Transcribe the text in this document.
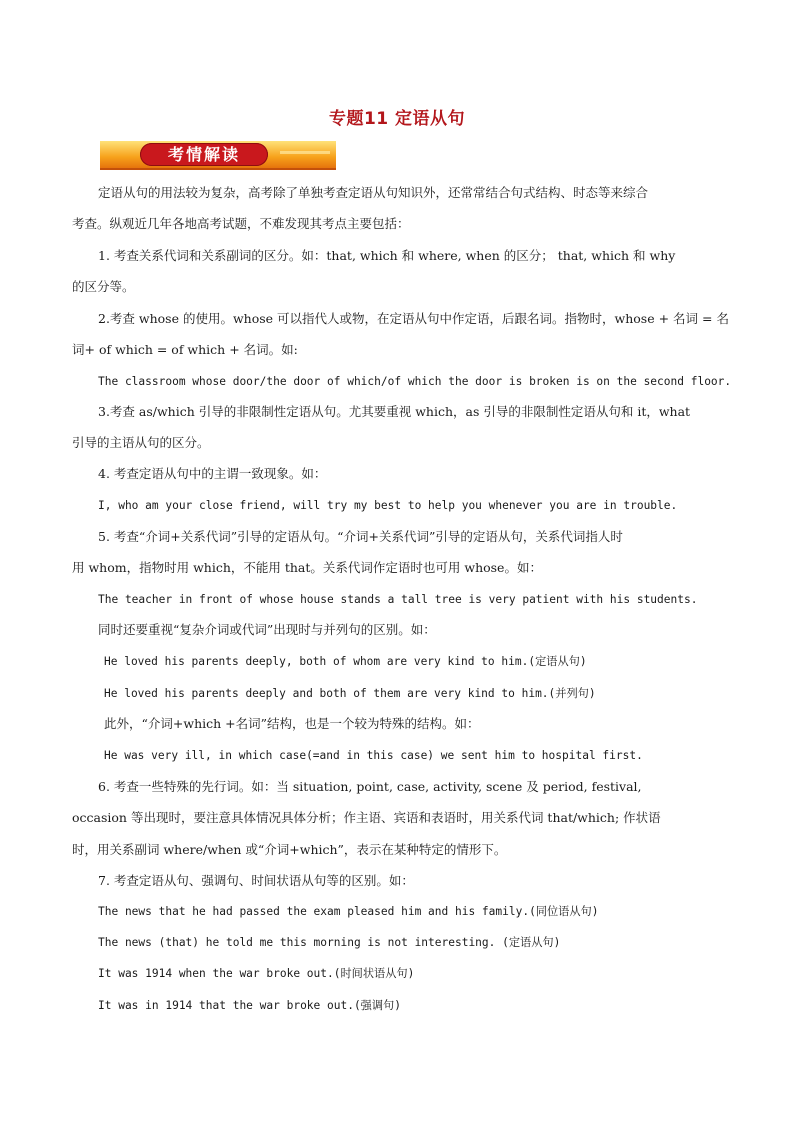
专题11 定语从句
考情解读
定语从句的用法较为复杂，高考除了单独考查定语从句知识外，还常常结合句式结构、时态等来综合
考查。纵观近几年各地高考试题，不难发现其考点主要包括：
1. 考查关系代词和关系副词的区分。如：that, which 和 where, when 的区分； that, which 和 why
的区分等。
2.考查 whose 的使用。whose 可以指代人或物，在定语从句中作定语，后跟名词。指物时，whose + 名词 = 名
词+ of which = of which + 名词。如:
The classroom whose door/the door of which/of which the door is broken is on the second floor.
3.考查 as/which 引导的非限制性定语从句。尤其要重视 which，as 引导的非限制性定语从句和 it，what
引导的主语从句的区分。
4. 考查定语从句中的主谓一致现象。如：
I, who am your close friend, will try my best to help you whenever you are in trouble.
5. 考查“介词+关系代词”引导的定语从句。“介词+关系代词”引导的定语从句，关系代词指人时
用 whom，指物时用 which，不能用 that。关系代词作定语时也可用 whose。如：
The teacher in front of whose house stands a tall tree is very patient with his students.
同时还要重视“复杂介词或代词”出现时与并列句的区别。如：
He loved his parents deeply, both of whom are very kind to him.(定语从句)
He loved his parents deeply and both of them are very kind to him.(并列句)
此外，“介词+which +名词”结构，也是一个较为特殊的结构。如：
He was very ill, in which case(=and in this case) we sent him to hospital first.
6. 考查一些特殊的先行词。如：当 situation, point, case, activity, scene 及 period, festival,
occasion 等出现时，要注意具体情况具体分析；作主语、宾语和表语时，用关系代词 that/which; 作状语
时，用关系副词 where/when 或“介词+which”，表示在某种特定的情形下。
7. 考查定语从句、强调句、时间状语从句等的区别。如：
The news that he had passed the exam pleased him and his family.(同位语从句)
The news (that) he told me this morning is not interesting. (定语从句)
It was 1914 when the war broke out.(时间状语从句)
It was in 1914 that the war broke out.(强调句)
